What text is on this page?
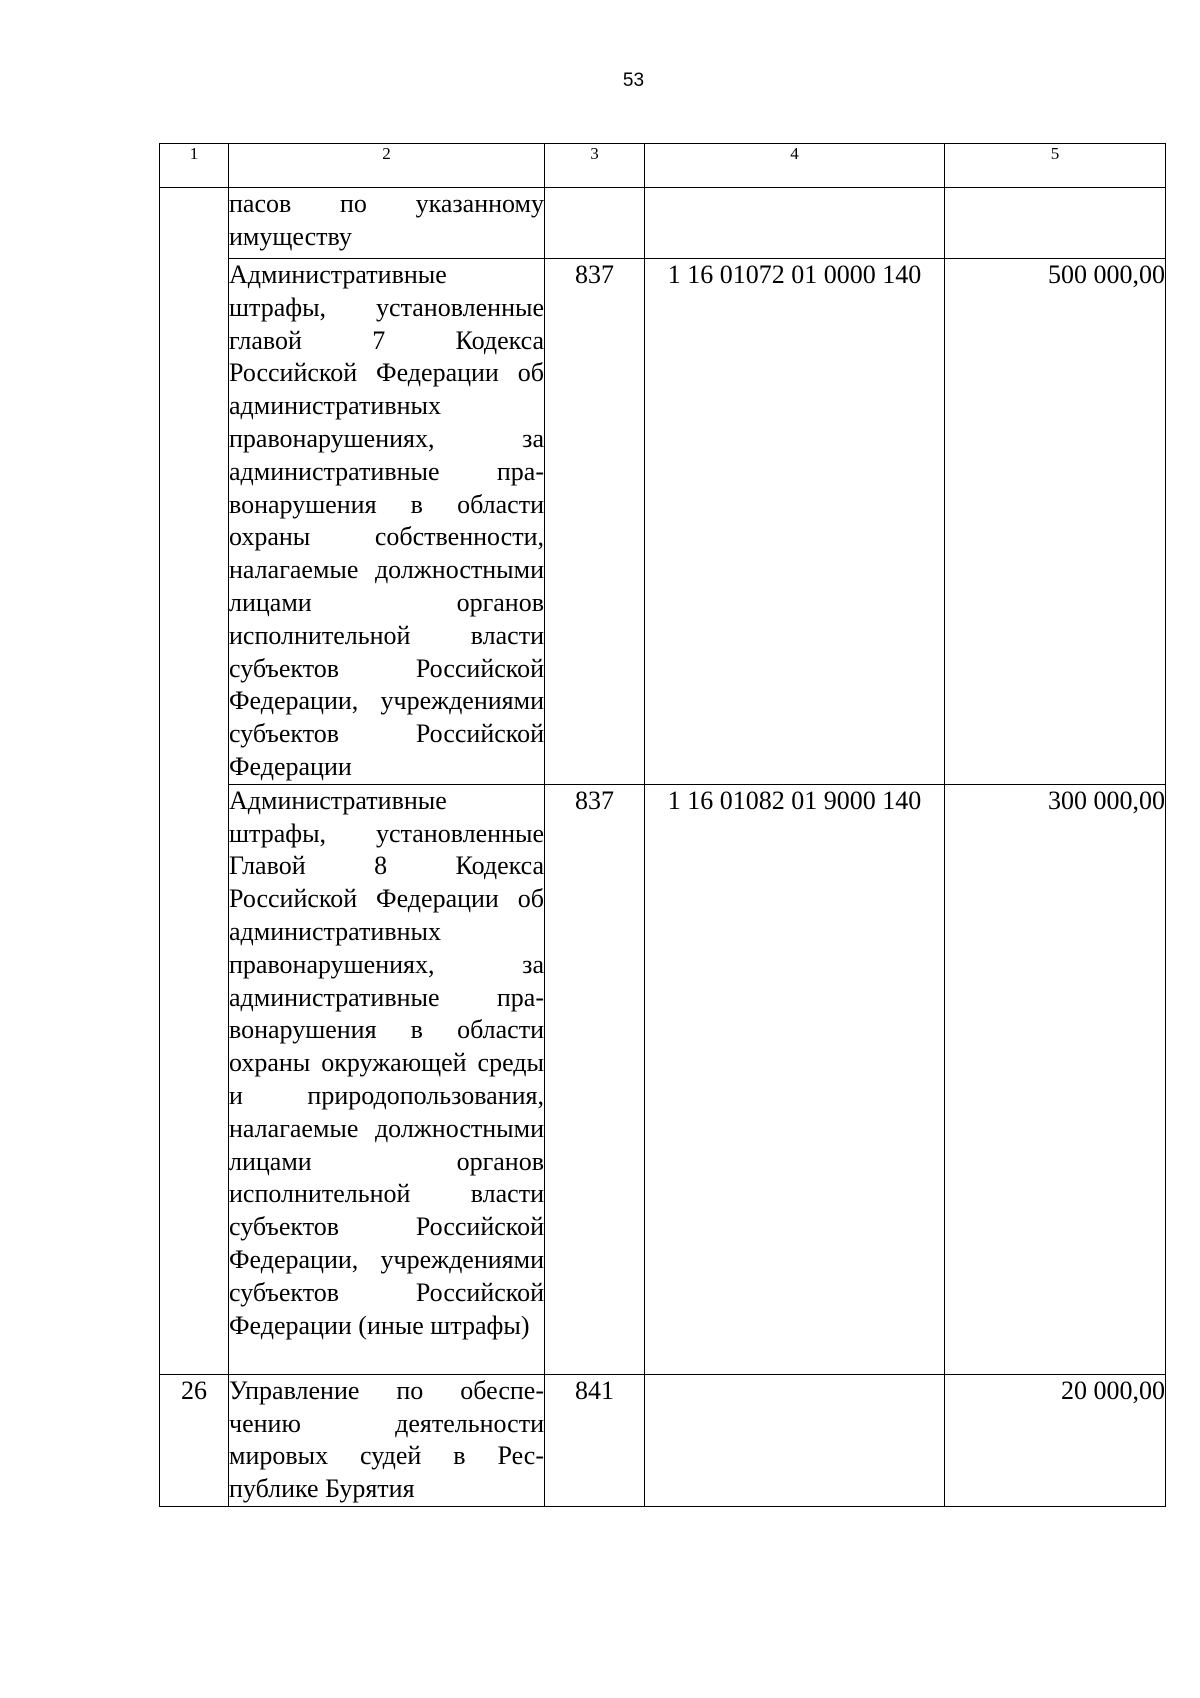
53
1	2	3	4	5
	пасов по указанному имуществу			
	Административные штрафы, установленные главой 7 Кодекса Российской Федерации об административных правонарушениях, за административные правонарушения в области охраны собственности, налагаемые должностными лицами органов исполнительной власти субъектов Российской Федерации, учреждениями субъектов Российской Федерации	837	1 16 01072 01 0000 140	500 000,00
	Административные штрафы, установленные Главой 8 Кодекса Российской Федерации об административных правонарушениях, за административные правонарушения в области охраны окружающей среды и природопользования, налагаемые должностными лицами органов исполнительной власти субъектов Российской Федерации, учреждениями субъектов Российской Федерации (иные штрафы)	837	1 16 01082 01 9000 140	300 000,00
26	Управление по обеспечению деятельности мировых судей в Республике Бурятия	841		20 000,00
